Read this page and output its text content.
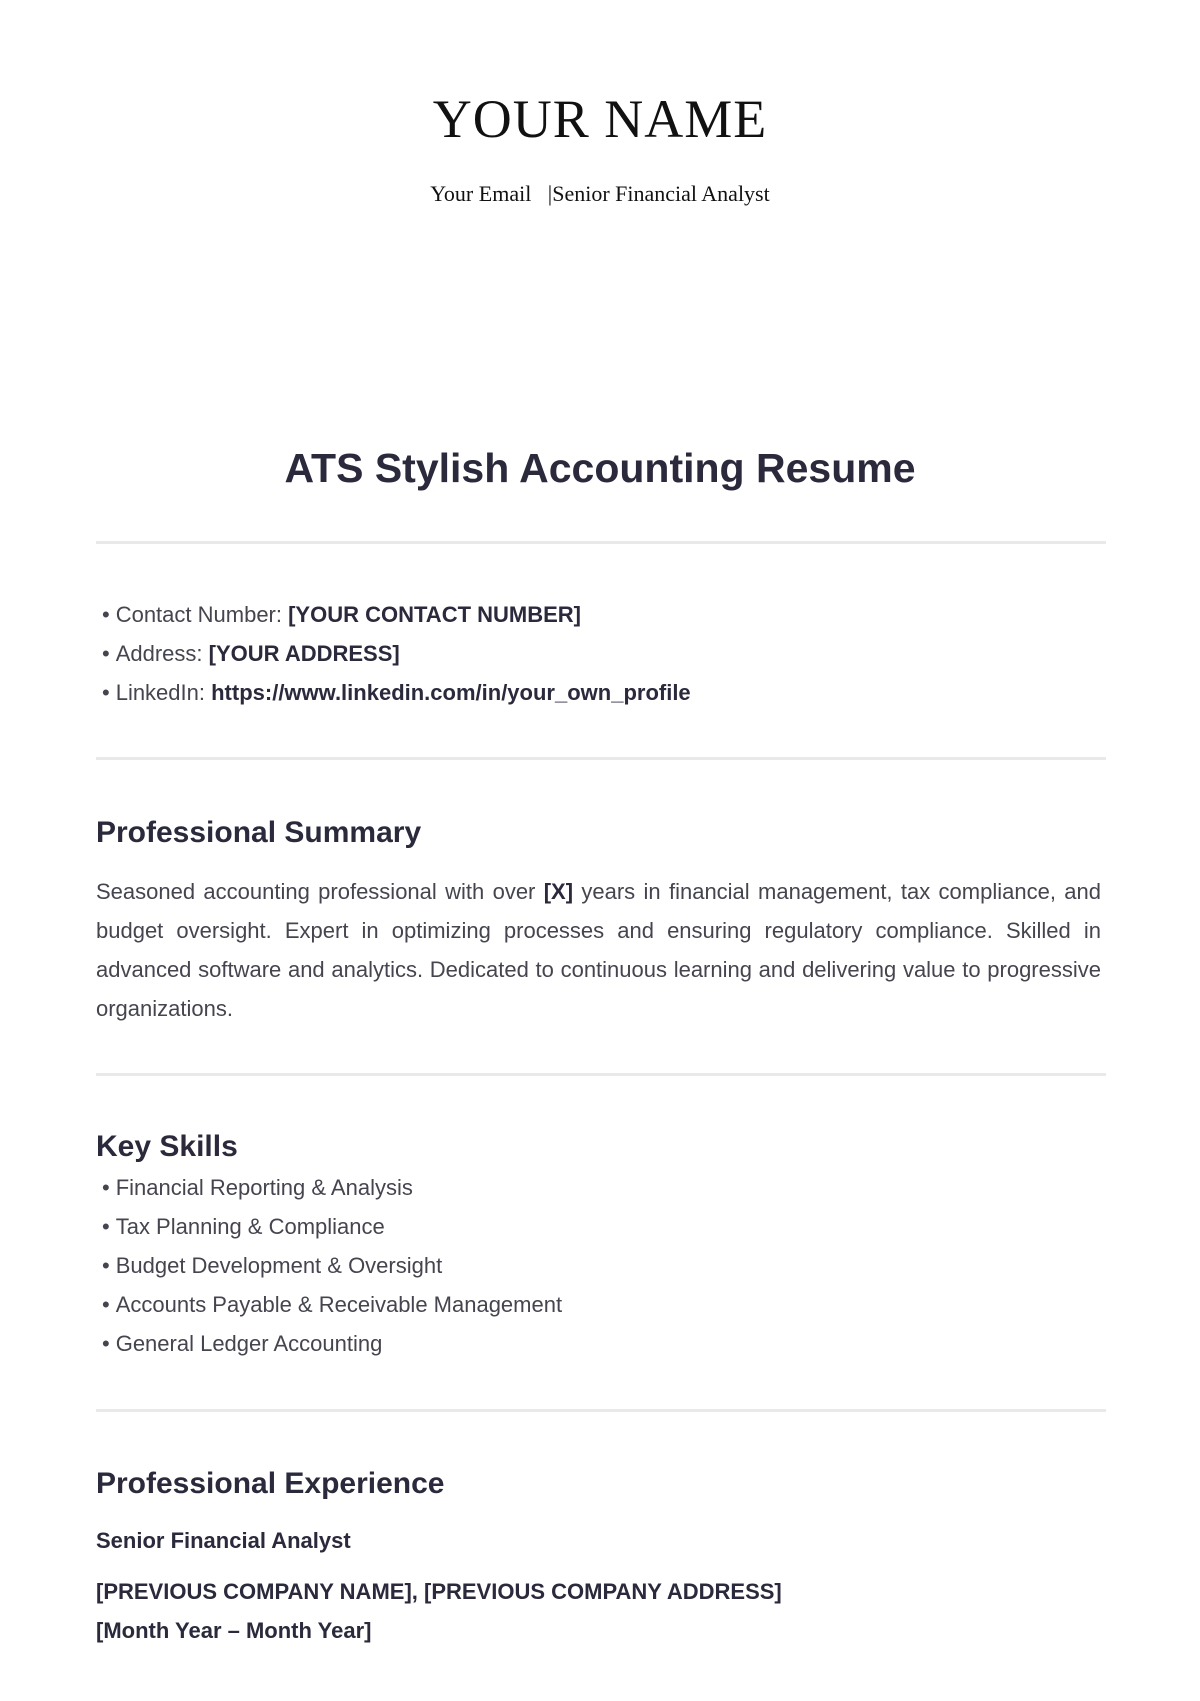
YOUR NAME
Your Email   |Senior Financial Analyst
ATS Stylish Accounting Resume
• Contact Number: [YOUR CONTACT NUMBER]
• Address: [YOUR ADDRESS]
• LinkedIn: https://www.linkedin.com/in/your_own_profile
Professional Summary

Seasoned accounting professional with over [X] years in financial management, tax compliance, and budget oversight. Expert in optimizing processes and ensuring regulatory compliance. Skilled in advanced software and analytics. Dedicated to continuous learning and delivering value to progressive organizations.

Key Skills
• Financial Reporting & Analysis
• Tax Planning & Compliance
• Budget Development & Oversight
• Accounts Payable & Receivable Management
• General Ledger Accounting
Professional Experience
Senior Financial Analyst
[PREVIOUS COMPANY NAME], [PREVIOUS COMPANY ADDRESS]
[Month Year – Month Year]
